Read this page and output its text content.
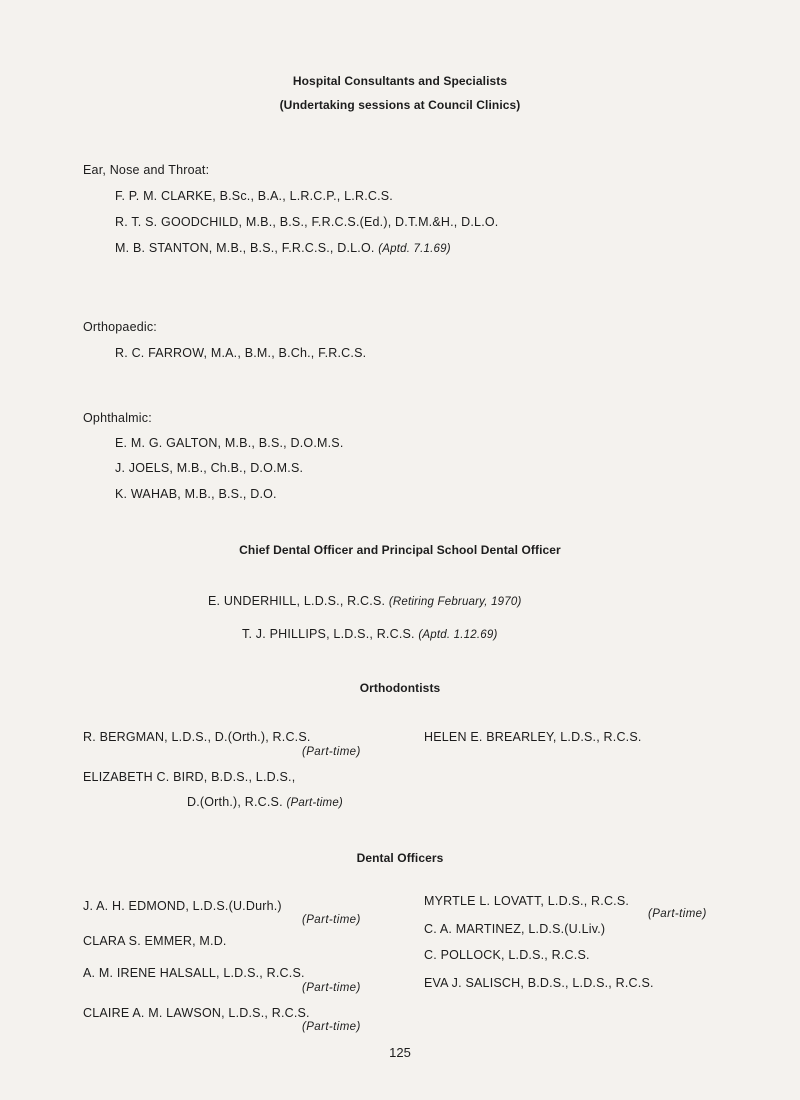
Hospital Consultants and Specialists
(Undertaking sessions at Council Clinics)
Ear, Nose and Throat:
F. P. M. CLARKE, B.Sc., B.A., L.R.C.P., L.R.C.S.
R. T. S. GOODCHILD, M.B., B.S., F.R.C.S.(Ed.), D.T.M.&H., D.L.O.
M. B. STANTON, M.B., B.S., F.R.C.S., D.L.O. (Aptd. 7.1.69)
Orthopaedic:
R. C. FARROW, M.A., B.M., B.Ch., F.R.C.S.
Ophthalmic:
E. M. G. GALTON, M.B., B.S., D.O.M.S.
J. JOELS, M.B., Ch.B., D.O.M.S.
K. WAHAB, M.B., B.S., D.O.
Chief Dental Officer and Principal School Dental Officer
E. UNDERHILL, L.D.S., R.C.S. (Retiring February, 1970)
T. J. PHILLIPS, L.D.S., R.C.S. (Aptd. 1.12.69)
Orthodontists
R. BERGMAN, L.D.S., D.(Orth.), R.C.S.
(Part-time)
HELEN E. BREARLEY, L.D.S., R.C.S.
ELIZABETH C. BIRD, B.D.S., L.D.S.,
D.(Orth.), R.C.S. (Part-time)
Dental Officers
J. A. H. EDMOND, L.D.S.(U.Durh.)
(Part-time)
CLARA S. EMMER, M.D.
A. M. IRENE HALSALL, L.D.S., R.C.S.
(Part-time)
CLAIRE A. M. LAWSON, L.D.S., R.C.S.
(Part-time)
MYRTLE L. LOVATT, L.D.S., R.C.S.
(Part-time)
C. A. MARTINEZ, L.D.S.(U.Liv.)
C. POLLOCK, L.D.S., R.C.S.
EVA J. SALISCH, B.D.S., L.D.S., R.C.S.
125
